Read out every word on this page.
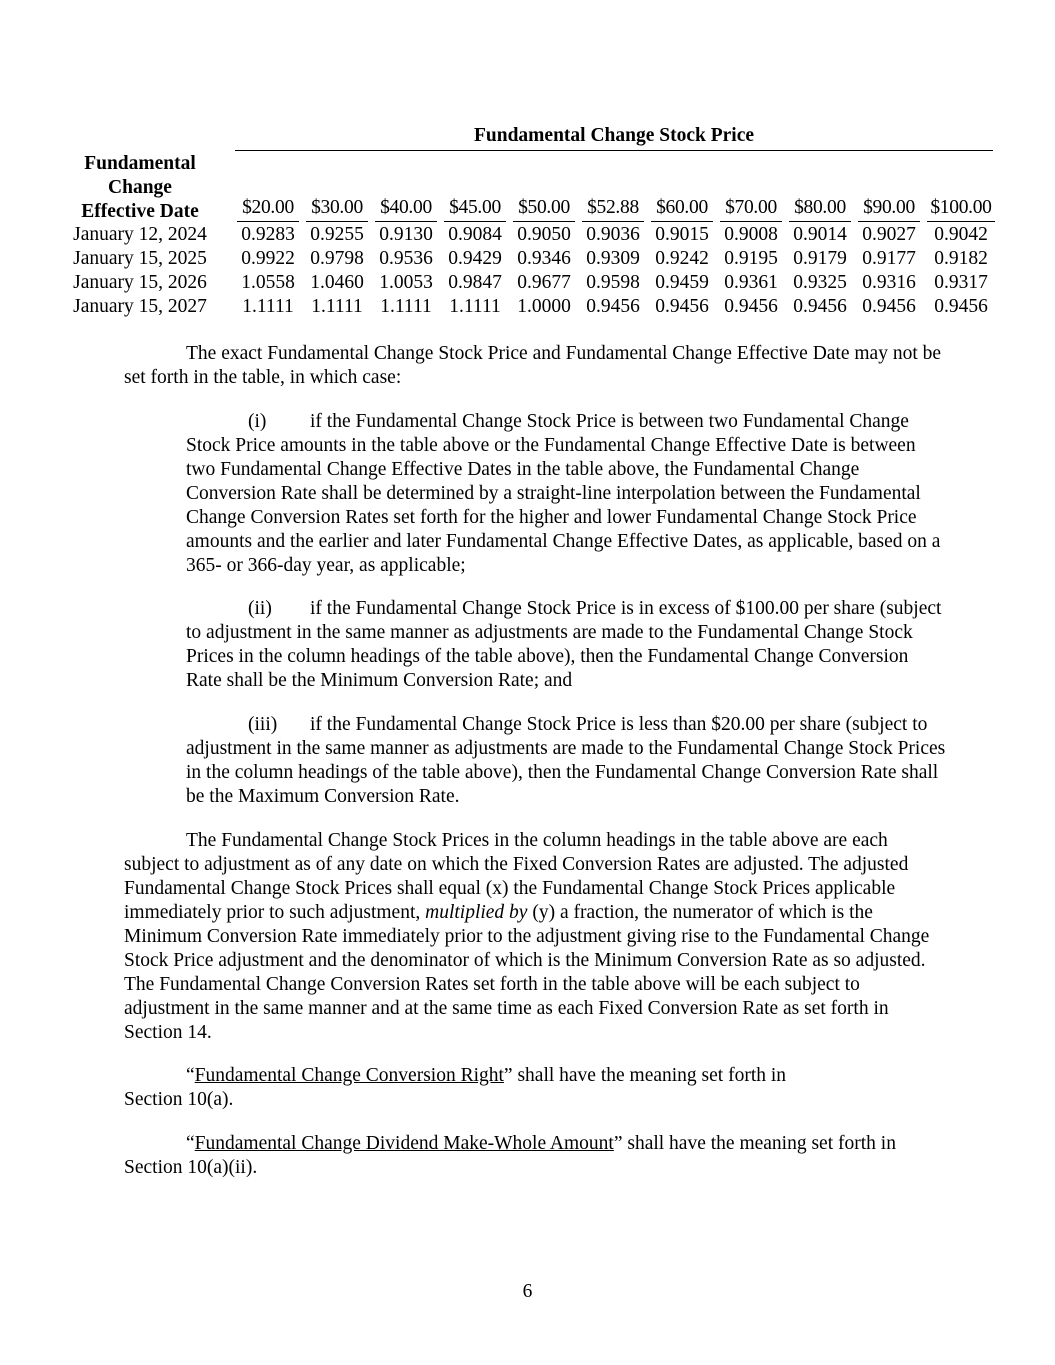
Fundamental Change Stock Price
Fundamental
Change
Effective Date	$20.00 $30.00 $40.00 $45.00 $50.00 $52.88 $60.00 $70.00 $80.00 $90.00 $100.00
January 12, 2024	0.9283 0.9255 0.9130 0.9084 0.9050 0.9036 0.9015 0.9008 0.9014 0.9027 0.9042
January 15, 2025	0.9922 0.9798 0.9536 0.9429 0.9346 0.9309 0.9242 0.9195 0.9179 0.9177 0.9182
January 15, 2026	1.0558 1.0460 1.0053 0.9847 0.9677 0.9598 0.9459 0.9361 0.9325 0.9316 0.9317
January 15, 2027	1.1111 1.1111 1.1111 1.1111 1.0000 0.9456 0.9456 0.9456 0.9456 0.9456 0.9456

The exact Fundamental Change Stock Price and Fundamental Change Effective Date may not be set forth in the table, in which case:

(i) if the Fundamental Change Stock Price is between two Fundamental Change Stock Price amounts in the table above or the Fundamental Change Effective Date is between two Fundamental Change Effective Dates in the table above, the Fundamental Change Conversion Rate shall be determined by a straight-line interpolation between the Fundamental Change Conversion Rates set forth for the higher and lower Fundamental Change Stock Price amounts and the earlier and later Fundamental Change Effective Dates, as applicable, based on a 365- or 366-day year, as applicable;

(ii) if the Fundamental Change Stock Price is in excess of $100.00 per share (subject to adjustment in the same manner as adjustments are made to the Fundamental Change Stock Prices in the column headings of the table above), then the Fundamental Change Conversion Rate shall be the Minimum Conversion Rate; and

(iii) if the Fundamental Change Stock Price is less than $20.00 per share (subject to adjustment in the same manner as adjustments are made to the Fundamental Change Stock Prices in the column headings of the table above), then the Fundamental Change Conversion Rate shall be the Maximum Conversion Rate.

The Fundamental Change Stock Prices in the column headings in the table above are each subject to adjustment as of any date on which the Fixed Conversion Rates are adjusted. The adjusted Fundamental Change Stock Prices shall equal (x) the Fundamental Change Stock Prices applicable immediately prior to such adjustment, multiplied by (y) a fraction, the numerator of which is the Minimum Conversion Rate immediately prior to the adjustment giving rise to the Fundamental Change Stock Price adjustment and the denominator of which is the Minimum Conversion Rate as so adjusted. The Fundamental Change Conversion Rates set forth in the table above will be each subject to adjustment in the same manner and at the same time as each Fixed Conversion Rate as set forth in Section 14.

“Fundamental Change Conversion Right” shall have the meaning set forth in Section 10(a).

“Fundamental Change Dividend Make-Whole Amount” shall have the meaning set forth in Section 10(a)(ii).

6
